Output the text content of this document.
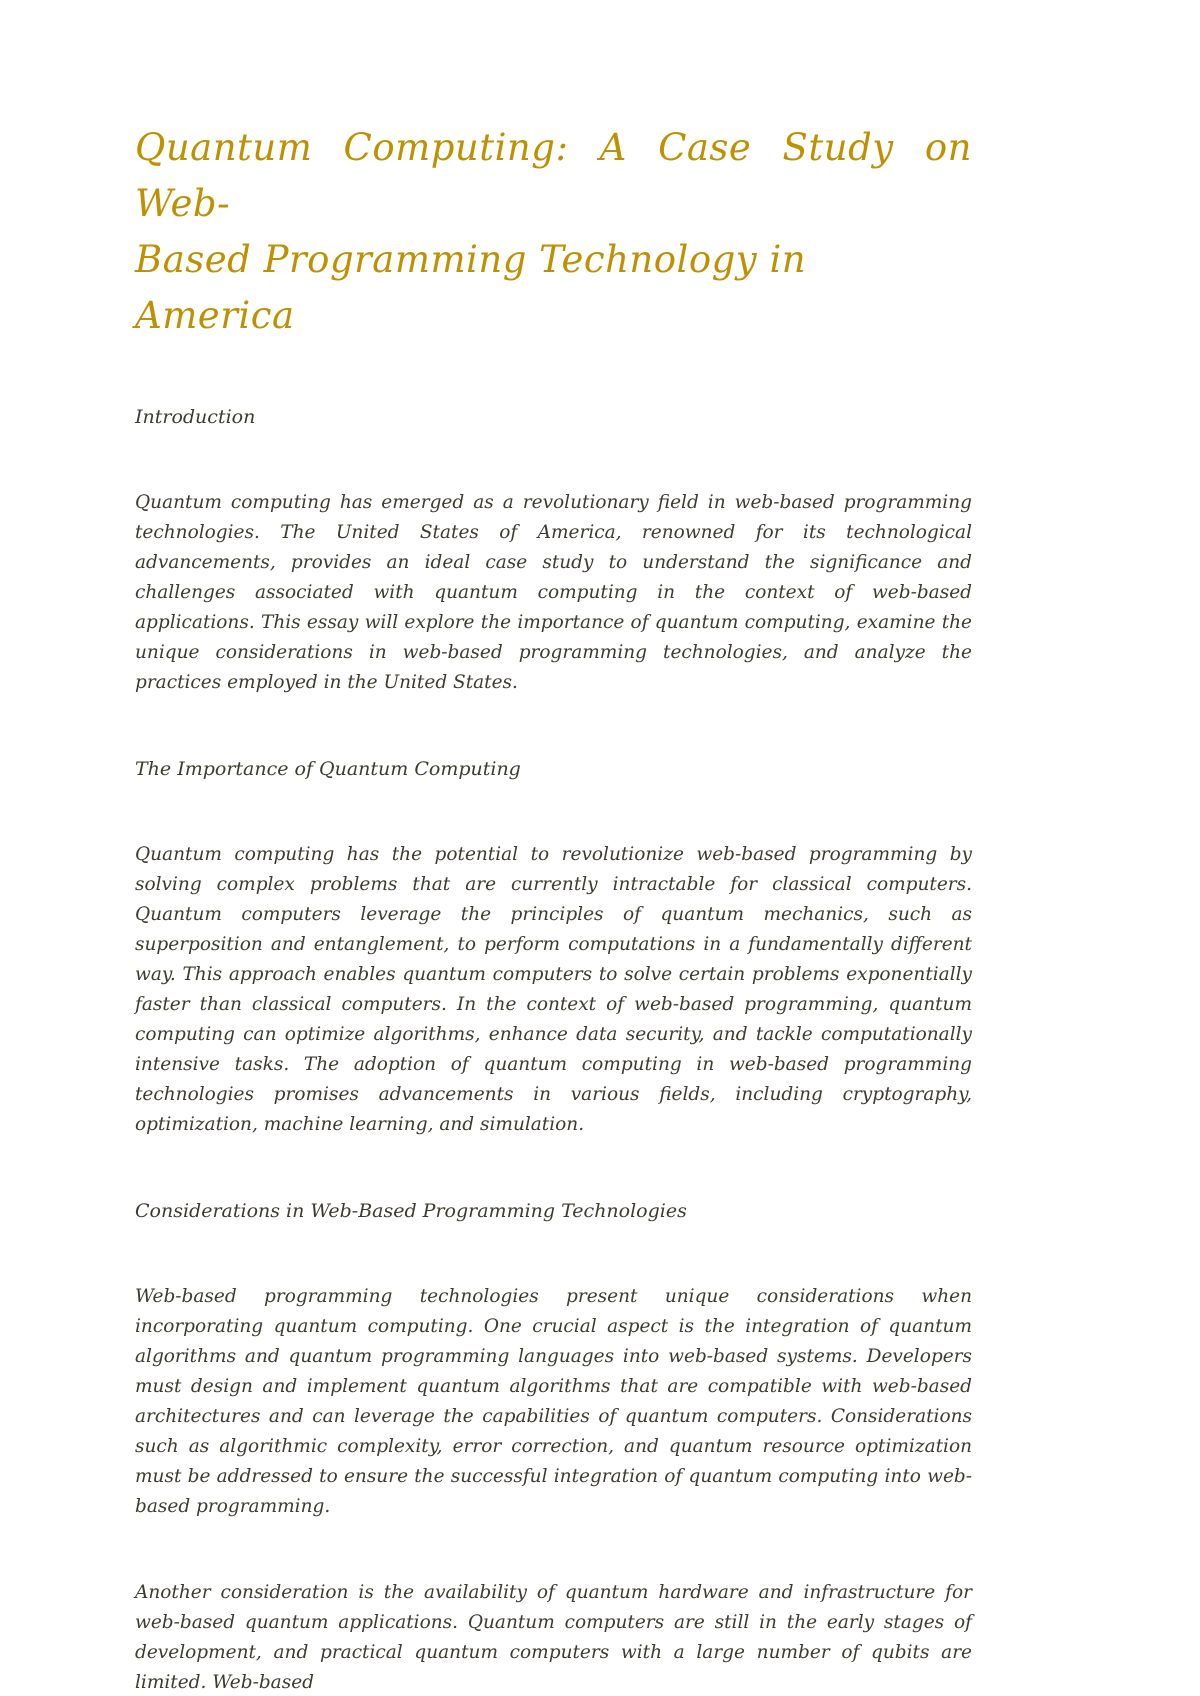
Quantum Computing: A Case Study on Web-
Based Programming Technology in America
Introduction

Quantum computing has emerged as a revolutionary field in web-based programming technologies. The United States of America, renowned for its technological advancements, provides an ideal case study to understand the significance and challenges associated with quantum computing in the context of web-based applications. This essay will explore the importance of quantum computing, examine the unique considerations in web-based programming technologies, and analyze the practices employed in the United States.

The Importance of Quantum Computing

Quantum computing has the potential to revolutionize web-based programming by solving complex problems that are currently intractable for classical computers. Quantum computers leverage the principles of quantum mechanics, such as superposition and entanglement, to perform computations in a fundamentally different way. This approach enables quantum computers to solve certain problems exponentially faster than classical computers. In the context of web-based programming, quantum computing can optimize algorithms, enhance data security, and tackle computationally intensive tasks. The adoption of quantum computing in web-based programming technologies promises advancements in various fields, including cryptography, optimization, machine learning, and simulation.

Considerations in Web-Based Programming Technologies

Web-based programming technologies present unique considerations when incorporating quantum computing. One crucial aspect is the integration of quantum algorithms and quantum programming languages into web-based systems. Developers must design and implement quantum algorithms that are compatible with web-based architectures and can leverage the capabilities of quantum computers. Considerations such as algorithmic complexity, error correction, and quantum resource optimization must be addressed to ensure the successful integration of quantum computing into web-based programming.

Another consideration is the availability of quantum hardware and infrastructure for web-based quantum applications. Quantum computers are still in the early stages of development, and practical quantum computers with a large number of qubits are limited. Web-based
